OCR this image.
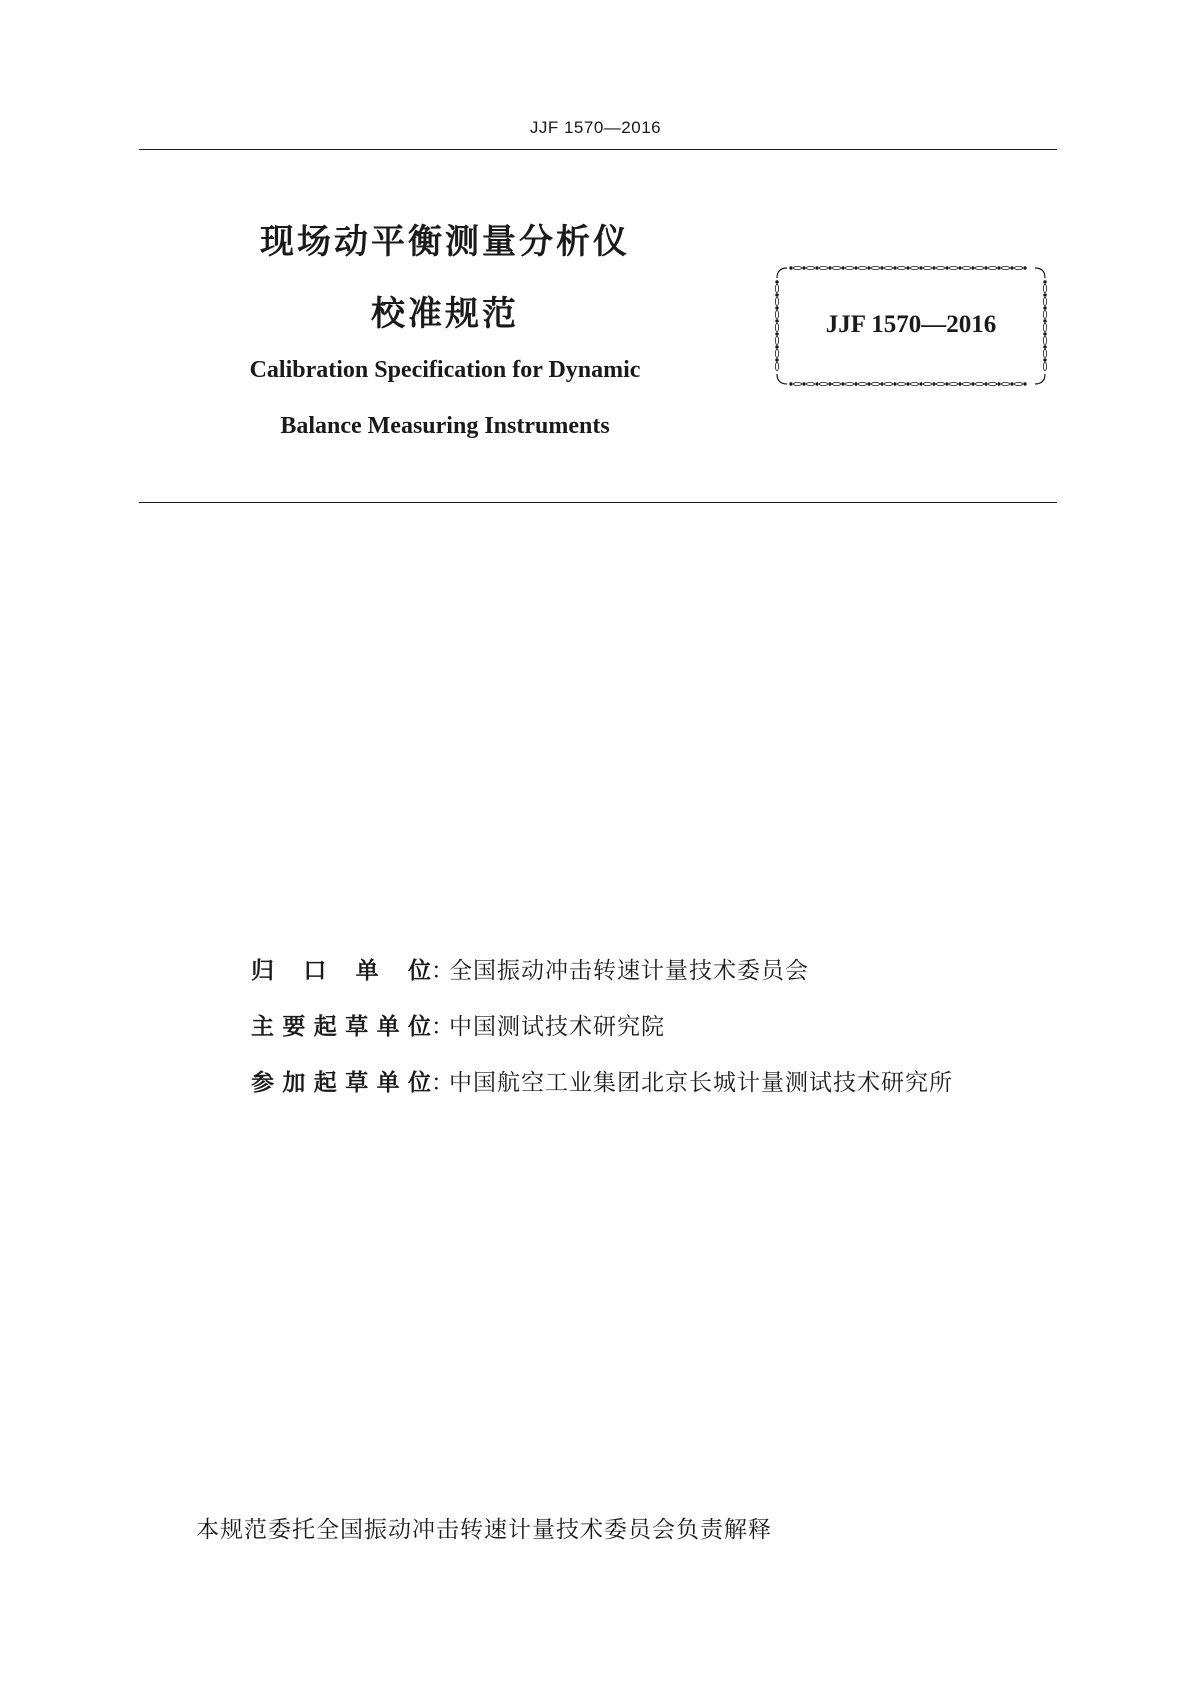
JJF 1570—2016
现场动平衡测量分析仪
校准规范
Calibration Specification for Dynamic
Balance Measuring Instruments
JJF 1570—2016
归口单位 ：
全国振动冲击转速计量技术委员会
主要起草单位 ：
中国测试技术研究院
参加起草单位 ：
中国航空工业集团北京长城计量测试技术研究所
本规范委托全国振动冲击转速计量技术委员会负责解释
